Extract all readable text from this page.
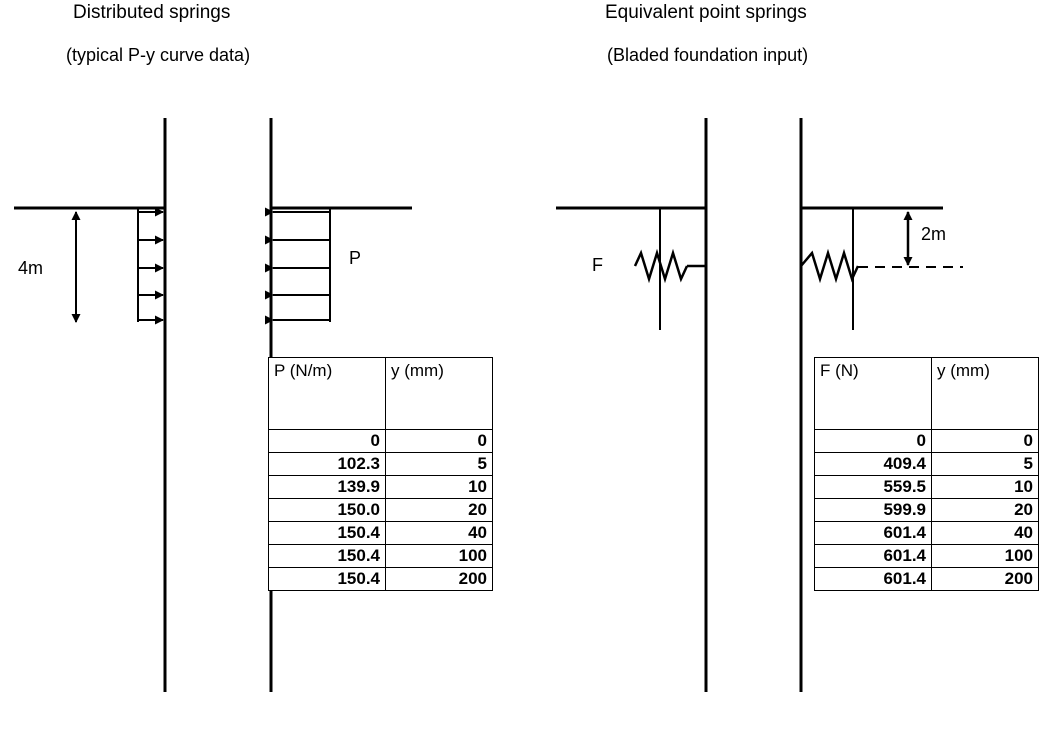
Distributed springs
(typical P-y curve data)
Equivalent point springs
(Bladed foundation input)
4m	P	F
2m
P (N/m)	y (mm)
0	0
102.3	5
139.9	10
150.0	20
150.4	40
150.4	100
150.4	200
F (N)	y (mm)
0	0
409.4	5
559.5	10
599.9	20
601.4	40
601.4	100
601.4	200
